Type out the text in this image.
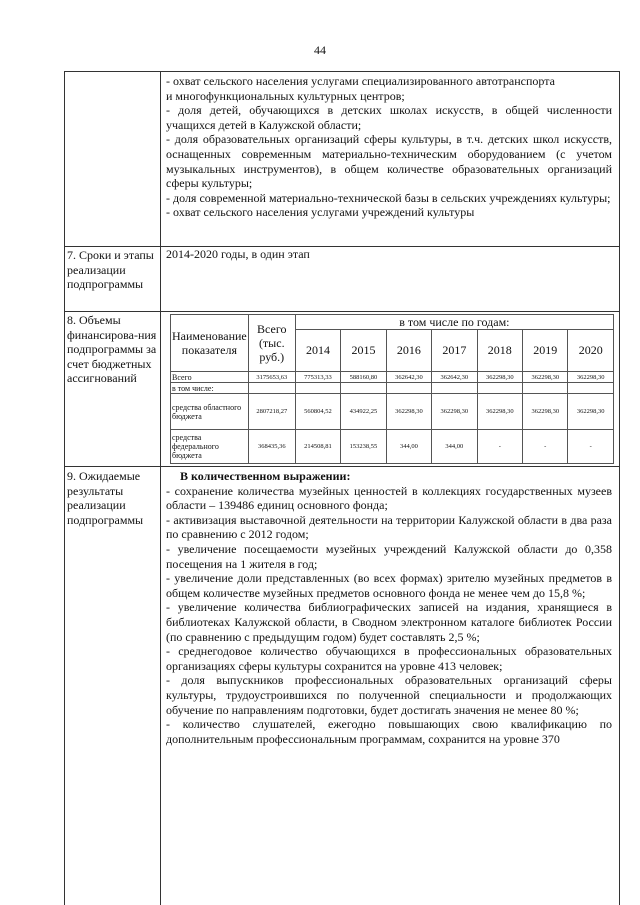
44
- охват сельского населения услугами специализированного автотранспорта
и многофункциональных культурных центров;
- доля детей, обучающихся в детских школах искусств, в общей численности учащихся детей в Калужской области;
- доля образовательных организаций сферы культуры, в т.ч. детских школ искусств, оснащенных современным материально-техническим оборудованием (с учетом музыкальных инструментов), в общем количестве образовательных организаций сферы культуры;
- доля современной материально-технической базы в сельских учреждениях культуры;
- охват сельского населения услугами учреждений культуры
7. Сроки и этапы реализации подпрограммы
2014-2020 годы, в один этап
8. Объемы финансирова-ния подпрограммы за счет бюджетных ассигнований
Наименование показателя	Всего (тыс. руб.)	в том числе по годам:						
		2014	2015	2016	2017	2018	2019	2020
Всего	3175653,63	775313,33	588160,80	362642,30	362642,30	362298,30	362298,30	362298,30
в том числе:								
средства областного бюджета	2807218,27	560804,52	434922,25	362298,30	362298,30	362298,30	362298,30	362298,30
средства федерального бюджета	368435,36	214508,81	153238,55	344,00	344,00	-	-	-
9. Ожидаемые результаты реализации подпрограммы
В количественном выражении:
- сохранение количества музейных ценностей в коллекциях государственных музеев области – 139486 единиц основного фонда;
- активизация выставочной деятельности на территории Калужской области в два раза по сравнению с 2012 годом;
- увеличение посещаемости музейных учреждений Калужской области до 0,358 посещения на 1 жителя в год;
- увеличение доли представленных (во всех формах) зрителю музейных предметов в общем количестве музейных предметов основного фонда не менее чем до 15,8 %;
- увеличение количества библиографических записей на издания, хранящиеся в библиотеках Калужской области, в Сводном электронном каталоге библиотек России (по сравнению с предыдущим годом) будет составлять 2,5 %;
- среднегодовое количество обучающихся в профессиональных образовательных организациях сферы культуры сохранится на уровне 413 человек;
- доля выпускников профессиональных образовательных организаций сферы культуры, трудоустроившихся по полученной специальности и продолжающих обучение по направлениям подготовки, будет достигать значения не менее 80 %;
- количество слушателей, ежегодно повышающих свою квалификацию по дополнительным профессиональным программам, сохранится на уровне 370
